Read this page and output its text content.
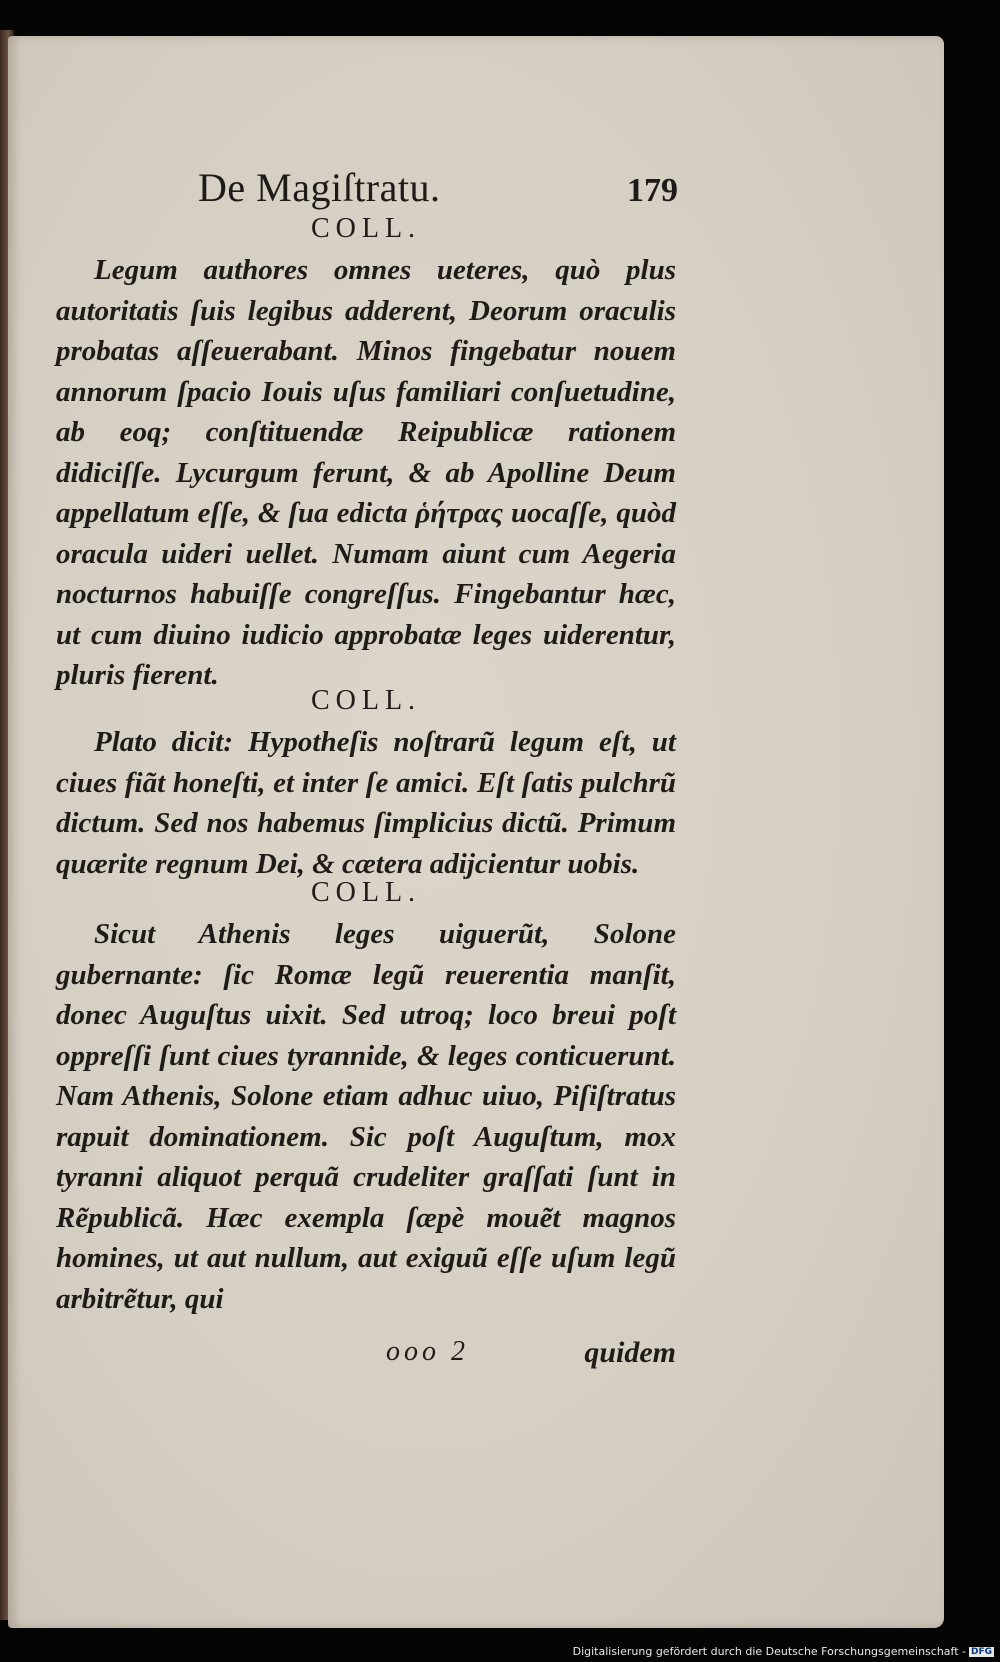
De Magiſtratu.	179
COLL.

Legum authores omnes ueteres, quò plus autoritatis ſuis legibus adderent, Deorum oraculis probatas aſſeuerabant. Minos fingebatur nouem annorum ſpacio Iouis uſus familiari conſuetudine, ab eoq; conſtituendæ Reipublicæ rationem didiciſſe. Lycurgum ferunt, & ab Apolline Deum appellatum eſſe, & ſua edicta ῥήτρας uocaſſe, quòd oracula uideri uellet. Numam aiunt cum Aegeria nocturnos habuiſſe congreſſus. Fingebantur hæc, ut cum diuino iudicio approbatæ leges uiderentur, pluris fierent.

COLL.

Plato dicit: Hypotheſis noſtrarũ legum eſt, ut ciues fiãt honeſti, et inter ſe amici. Eſt ſatis pulchrũ dictum. Sed nos habemus ſimplicius dictũ. Primum quærite regnum Dei, & cætera adijcientur uobis.

COLL.

Sicut Athenis leges uiguerũt, Solone gubernante: ſic Romæ legũ reuerentia manſit, donec Auguſtus uixit. Sed utroq; loco breui poſt oppreſſi ſunt ciues tyrannide, & leges conticuerunt. Nam Athenis, Solone etiam adhuc uiuo, Piſiſtratus rapuit dominationem. Sic poſt Auguſtum, mox tyranni aliquot perquã crudeliter graſſati ſunt in Rẽpublicã. Hæc exempla ſæpè mouẽt magnos homines, ut aut nullum, aut exiguũ eſſe uſum legũ arbitrẽtur, qui

ooo 2	quidem
Digitalisierung gefördert durch die Deutsche Forschungsgemeinschaft - DFG
